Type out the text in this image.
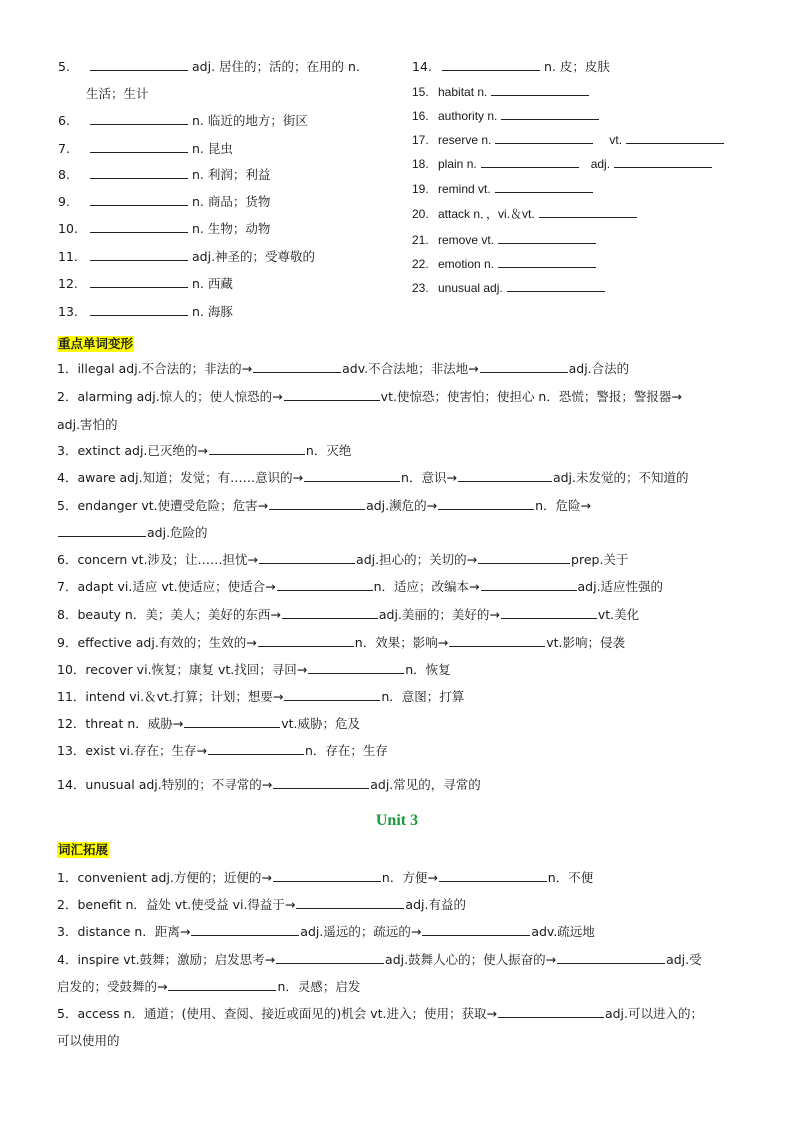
5.	adj. 居住的；活的；在用的 n.
生活；生计
6.	n. 临近的地方；街区
7.	n. 昆虫
8.	n. 利润；利益
9.	n. 商品；货物
10.	n. 生物；动物
11.	adj.神圣的；受尊敬的
12.	n. 西藏
13.	n. 海豚
14.	n. 皮；皮肤
15. habitat n.
16. authority n.
17. reserve n.	vt.
18. plain n.	adj.
19. remind vt.
20. attack n．，vi.＆vt.
21. remove vt.
22. emotion n.
23. unusual adj.
重点单词变形
1．illegal adj.不合法的；非法的→	adv.不合法地；非法地→	adj.合法的
2．alarming adj.惊人的；使人惊恐的→	vt.使惊恐；使害怕；使担心 n．恐慌；警报；警报器→
adj.害怕的
3．extinct adj.已灭绝的→	n．灭绝
4．aware adj.知道；发觉；有……意识的→	n．意识→	adj.未发觉的；不知道的
5．endanger vt.使遭受危险；危害→	adj.濒危的→	n．危险→
adj.危险的
6．concern vt.涉及；让……担忧→	adj.担心的；关切的→	prep.关于
7．adapt vi.适应 vt.使适应；使适合→	n．适应；改编本→	adj.适应性强的
8．beauty n．美；美人；美好的东西→	adj.美丽的；美好的→	vt.美化
9．effective adj.有效的；生效的→	n．效果；影响→	vt.影响；侵袭
10．recover vi.恢复；康复 vt.找回；寻回→	n．恢复
11．intend vi.＆vt.打算；计划；想要→	n．意图；打算
12．threat n．威胁→	vt.威胁；危及
13．exist vi.存在；生存→	n．存在；生存
14．unusual adj.特别的；不寻常的→	adj.常见的，寻常的
Unit 3
词汇拓展
1．convenient adj.方便的；近便的→	n．方便→	n．不便
2．benefit n．益处 vt.使受益 vi.得益于→	adj.有益的
3．distance n．距离→	adj.遥远的；疏远的→	adv.疏远地
4．inspire vt.鼓舞；激励；启发思考→	adj.鼓舞人心的；使人振奋的→	adj.受
启发的；受鼓舞的→	n．灵感；启发
5．access n．通道；(使用、查阅、接近或面见的)机会 vt.进入；使用；获取→	adj.可以进入的；
可以使用的
